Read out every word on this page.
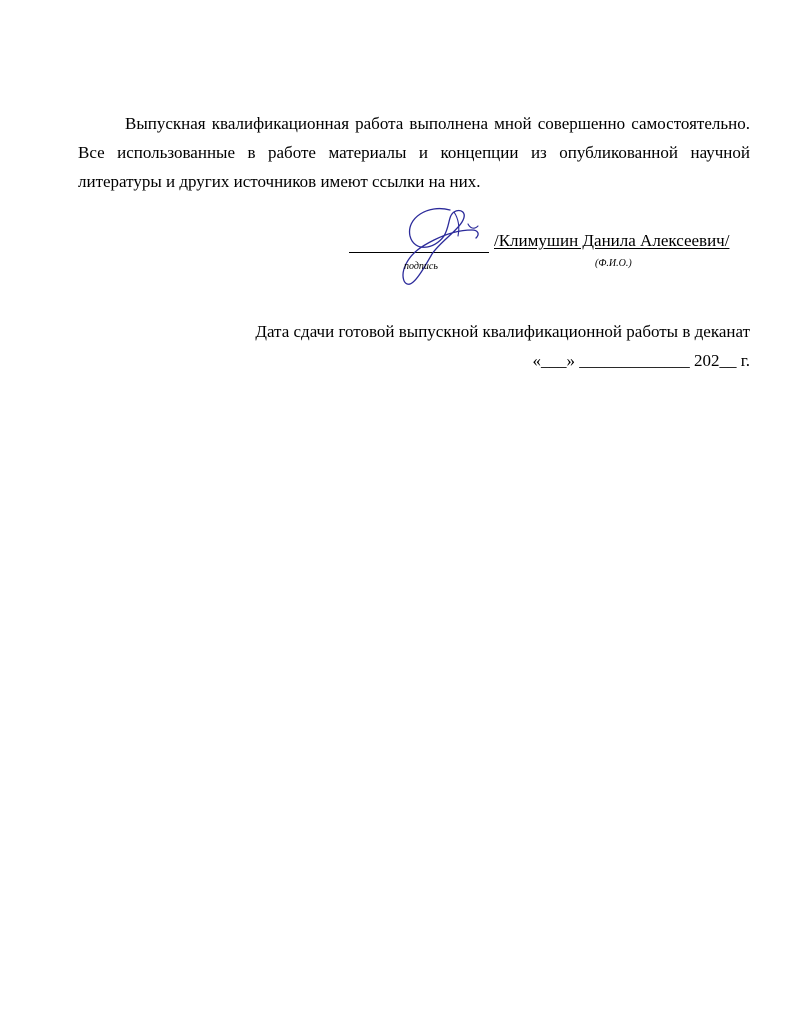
Выпускная квалификационная работа выполнена мной совершенно самостоятельно. Все использованные в работе материалы и концепции из опубликованной научной литературы и других источников имеют ссылки на них.

/Климушин Данила Алексеевич/
подпись	(Ф.И.О.)
Дата сдачи готовой выпускной квалификационной работы в деканат
«___» _____________ 202__ г.
